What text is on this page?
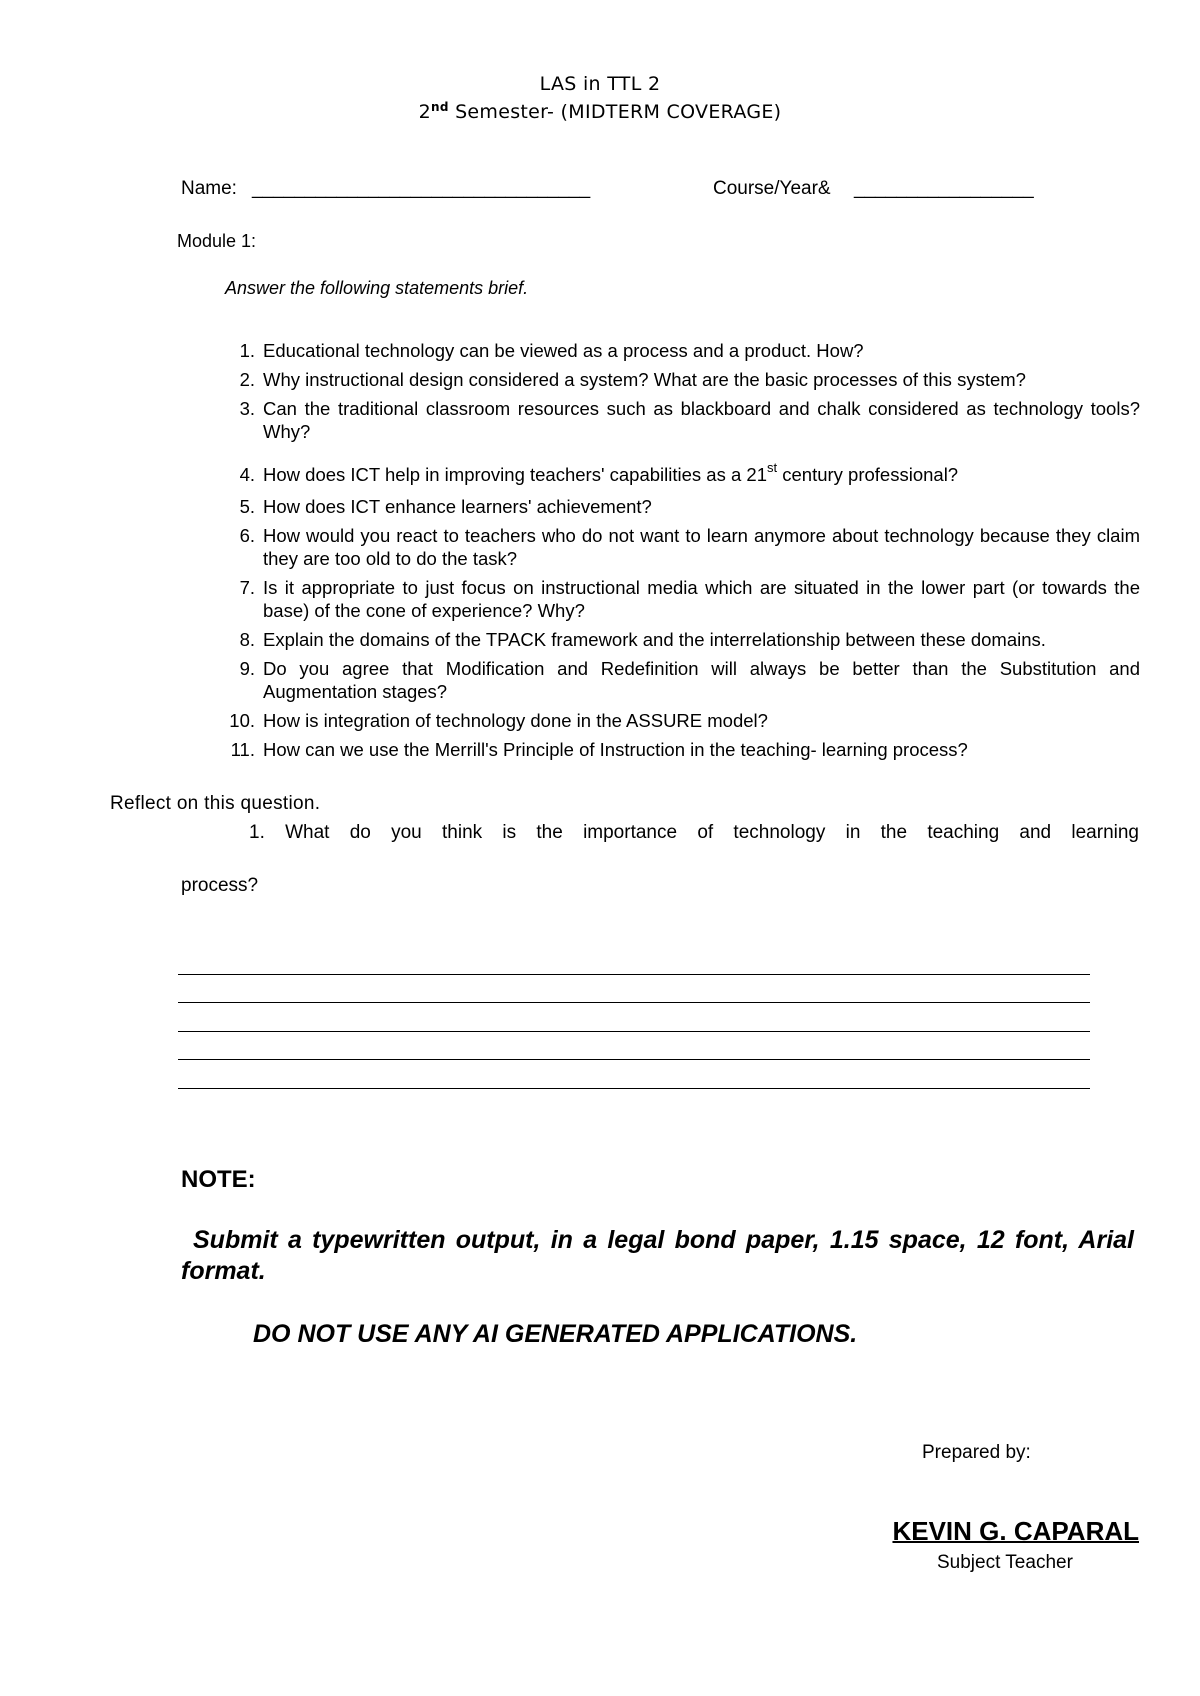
LAS in TTL 2
2nd Semester- (MIDTERM COVERAGE)
Name: ________________________________	Course/Year& _________________
Module 1:
Answer the following statements brief.
1. Educational technology can be viewed as a process and a product. How?
2. Why instructional design considered a system? What are the basic processes of this system?
3. Can the traditional classroom resources such as blackboard and chalk considered as technology tools? Why?
4. How does ICT help in improving teachers' capabilities as a 21st century professional?
5. How does ICT enhance learners' achievement?
6. How would you react to teachers who do not want to learn anymore about technology because they claim they are too old to do the task?
7. Is it appropriate to just focus on instructional media which are situated in the lower part (or towards the base) of the cone of experience? Why?
8. Explain the domains of the TPACK framework and the interrelationship between these domains.
9. Do you agree that Modification and Redefinition will always be better than the Substitution and Augmentation stages?
10. How is integration of technology done in the ASSURE model?
11. How can we use the Merrill's Principle of Instruction in the teaching- learning process?
Reflect on this question.
1. What do you think is the importance of technology in the teaching and learning
process?
NOTE:
Submit a typewritten output, in a legal bond paper, 1.15 space, 12 font, Arial format.
DO NOT USE ANY AI GENERATED APPLICATIONS.
Prepared by:
KEVIN G. CAPARAL
Subject Teacher
